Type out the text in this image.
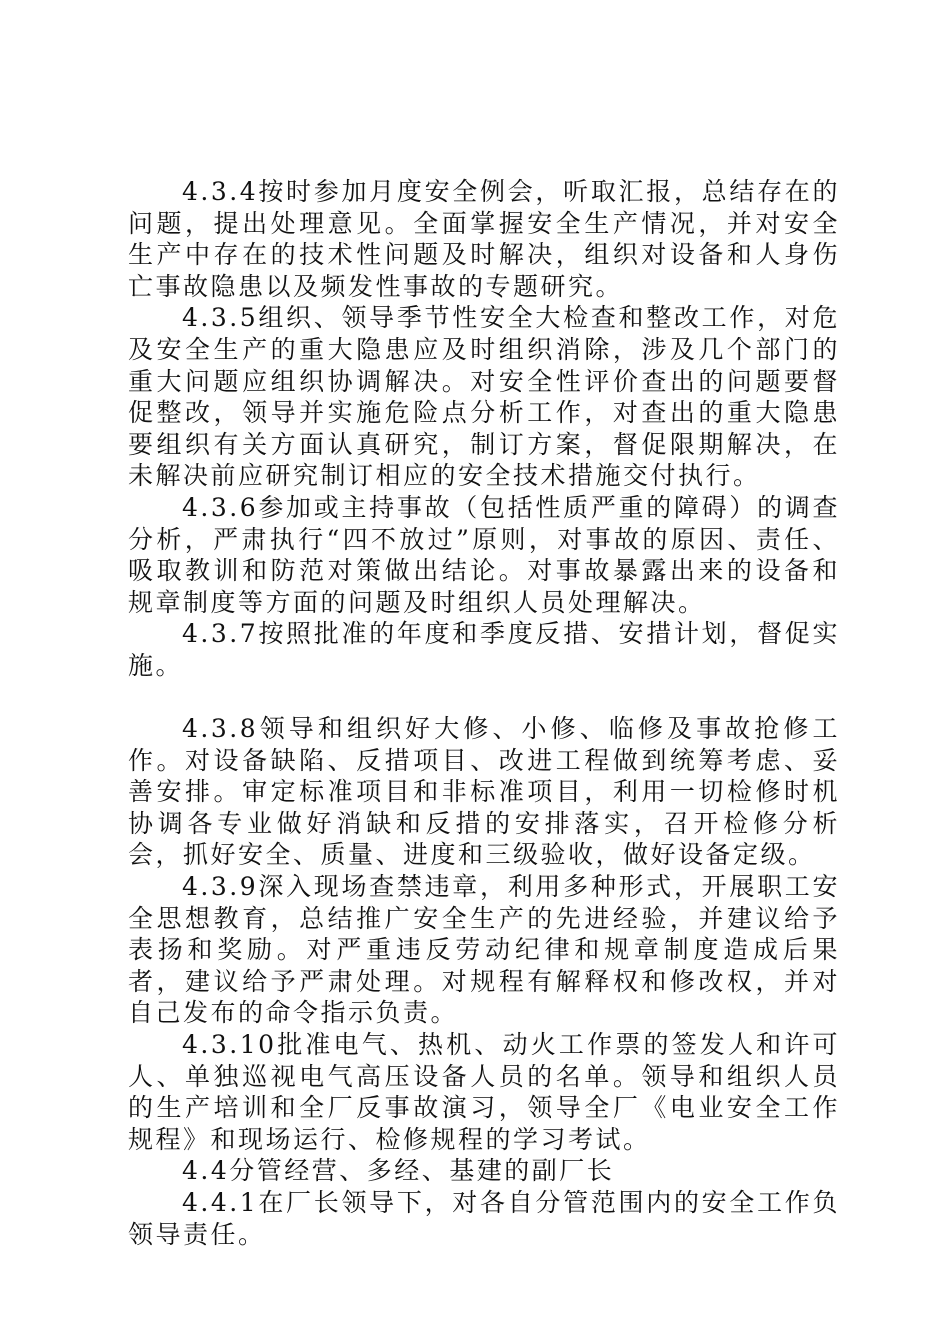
4.3.4按时参加月度安全例会，听取汇报，总结存在的问题，提出处理意见。全面掌握安全生产情况，并对安全生产中存在的技术性问题及时解决，组织对设备和人身伤亡事故隐患以及频发性事故的专题研究。

4.3.5组织、领导季节性安全大检查和整改工作，对危及安全生产的重大隐患应及时组织消除，涉及几个部门的重大问题应组织协调解决。对安全性评价查出的问题要督促整改，领导并实施危险点分析工作，对查出的重大隐患要组织有关方面认真研究，制订方案，督促限期解决，在未解决前应研究制订相应的安全技术措施交付执行。

4.3.6参加或主持事故（包括性质严重的障碍）的调查分析，严肃执行“四不放过”原则，对事故的原因、责任、吸取教训和防范对策做出结论。对事故暴露出来的设备和规章制度等方面的问题及时组织人员处理解决。

4.3.7按照批准的年度和季度反措、安措计划，督促实施。

4.3.8领导和组织好大修、小修、临修及事故抢修工作。对设备缺陷、反措项目、改进工程做到统筹考虑、妥善安排。审定标准项目和非标准项目，利用一切检修时机协调各专业做好消缺和反措的安排落实，召开检修分析会，抓好安全、质量、进度和三级验收，做好设备定级。

4.3.9深入现场查禁违章，利用多种形式，开展职工安全思想教育，总结推广安全生产的先进经验，并建议给予表扬和奖励。对严重违反劳动纪律和规章制度造成后果者，建议给予严肃处理。对规程有解释权和修改权，并对自己发布的命令指示负责。

4.3.10批准电气、热机、动火工作票的签发人和许可人、单独巡视电气高压设备人员的名单。领导和组织人员的生产培训和全厂反事故演习，领导全厂《电业安全工作规程》和现场运行、检修规程的学习考试。

4.4分管经营、多经、基建的副厂长

4.4.1在厂长领导下，对各自分管范围内的安全工作负领导责任。
